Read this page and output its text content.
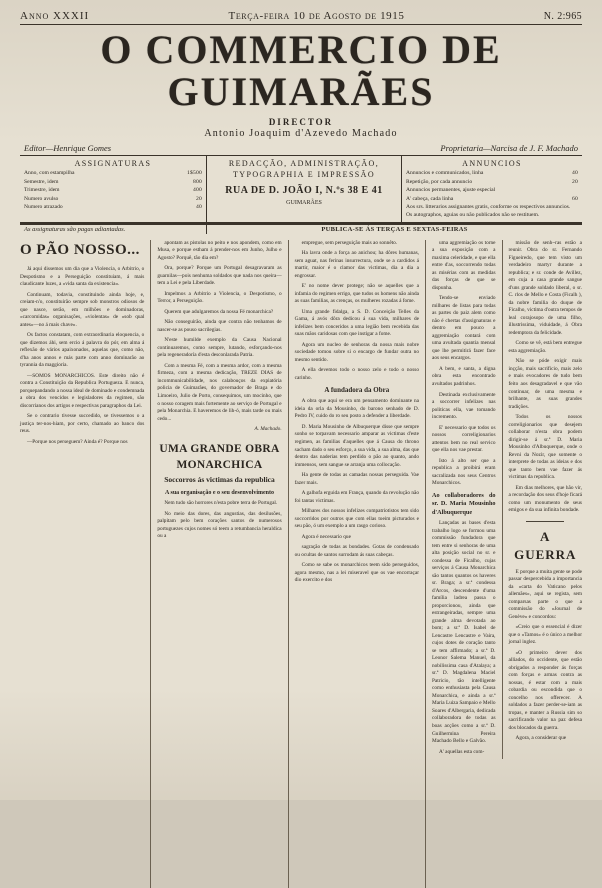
Anno XXXII	Terça-feira 10 de Agosto de 1915	N. 2:965
O COMMERCIO DE GUIMARÃES
DIRECTOR
Antonio Joaquim d'Azevedo Machado
Editor—Henrique Gomes	Proprietaria—Narcisa de J. F. Machado
ASSIGNATURAS
Anno, com estampilha	1$500
Semestre, idem	800
Trimestre, idem	400
Numero avulso	20
Numero atrazado	40
REDACÇÃO, ADMINISTRAÇÃO, TYPOGRAPHIA E IMPRESSÃO
RUA DE D. JOÃO I, N.ºs 38 E 41
GUIMARÃES
ANNUNCIOS
Annuncios e communicados, linha	40
Repetição, por cada annuncio	20
Annuncios permanentes, ajuste especial
A' cabeça, cada linha	60
Aos srs. litterarios assignantes gratis, conforme os respectivos annuncios.
Os autographos, aguias ou não publicados não se restituem.
As assignaturas são pagas adiantadas.	PUBLICA-SE ÁS TERÇAS E SEXTAS-FEIRAS
O PÃO NOSSO...

Já aqui dissemos um dia que a Violencia, o Arbitrio, o Despotismo e a Perseguição constituiam, á mais claudicante luzes, a «vida santa da existencia».

Continuam, todavia, constituindo ainda hoje, e, creiam-n'o, constituirão sempre sob monstros odiosos de que nasce, serão, em milhões e dominadoras, «carcomidas» organisações, «violentas» de «sob qual antes»—no á mais chave».

Os factos constatam, com extraordinaria eloquencia, o que dizemos áhi, sem ercio á palavra do pór, em alma á reflexão de vários apaixonados, aquelas que, como não, d'ha anos annos e más parte com anno dominarão ao tyrannia da maggioria.

—SOMOS MONARCHICOS. Este direito não é contra a Constituição da Republica Portugueza. E nunca, porquepandando a nossa ideal de dominado e condemnada a obra dos vencidos e legisladores da regimen, são discorrianos dos artigos e respectivas paragraphos da Lei.

Se o contrario tivesse succedido, se tivessemos o a justiça ter-nos-hiam, por certo, chamado ao banco dos reus.

—Porque nos perseguem? Ainda é? Porque nos

apontam as pistolas no peito e nos apondem, como em Musa, e porque estham á prender-nos em Junho, Julho e Agosto? Porquê, tão dia em?

Ora, porque? Porque um Portugal desagravaram as guarnilas—pois nenhuma soldados que nada nos queira—tem a Lei e pela Liberdade.

Impelmos a Arbitrio a Violencia, o Despotismo, o Terror, a Perseguição.

Querem que adulgaremos da nossa Fé monarchica?

Não conseguirão, ainda que contra não tenhamos de nascer-se as pouso sacrilegias.

N'este humilde exemplo da Causa Nacional continuaremos, como sempre, lutando, esforçando-nos pela regeneradoría d'esta desconlarada Patria.

Com a mesma Fé, com a mesma ardor, com a mesma firmeza, com a mesma dedicação, TREZE DIAS de incommunicabilidade, nos calabouços da expiatória policia de Guimarães, do governador de Braga e do Limoeiro, Julio de Porto, consequimos, um mocinho, que o nosso coragem mais fortemente ao serviço de Portugal e pela Monarchia. E haveremos de lih-ó, mais tarde ou mais cedo...

A. Machado.
UMA GRANDE OBRA MONARCHICA
Soccorros ás victimas da republica
A sua organisação e o seu desenvolvimento

Nem tudo são horrores n'esta pobre terra de Portugal.

No meio das dores, das angustias, das desilusões, palpitam pelo bem corações santos de numerosos portuguezes cujos nomes só teem a retumbancia heraldica ou a

empregue, sem perseguição mais ao sonnêto.

Ha lavra onde a força ao anichou; ha dôres humanas, sem aguat, nas ferinas insurrectura, onde se a cardidos á martir, maior é o clamor das victimas, dia a dia a engrossar.

E' no nome dever protege; não se aquelles que a infamia do regimen errigo, que tudos os homens não ainda as suas familias, as crenças, os mulheres rozadas á fome.

Uma grande fidalga, a S. D. Conceição Telles da Gama, á avós dôra dedicou á sua vida, milhares de infelizes bem conceridos a uma legião bem recebida das suas mãos caridosas com que instigar a fome.

Agora um nucleo de senhoras da nossa mais nobre sociedade tomou sobre si o encargo de fundar outra no mesmo sentido.

A ella devemos todo o nosso zelo e todo o nosso carinho.

A fundadora da Obra

A obra que aqui se era um pensamento dominante na ideia da orla da Mousinho, do barono senhado de D. Pedro IV, cuido do ro seu posto a defender a liberdade.

D. Maria Mousinho de Albuquerque disse que sempre sonho se torpavam necessario amparar as victimas d'este regimen, as familias d'aquelles que á Causa do throno sacham dado o seu esforço, a sua vida, a sua alma, das que dentro das naderias tem perdido o pão ao quanto, ando immensos, sem sangue se arranja uma collocação.

Ha gente de todas as camadas nossas perseguida. Vae fazer mais.

A galhofa erguida em França, quando da revolução não foi tantas victimas.

Milhares dos nossos infelizes compatriotistos tem sido soccorridos por outros que com ellas toeim picturados e seu pão, ó um exemplo a um rasgo corioso.

Agora é necessario que

sagração de todas as bondades. Gotas de condensado ou ocultas de santos surrodam ás suas cabeças.

Como se sabe os monarchicos teem sido perseguidos, agora mesmo, nas a lei miseravel que os vae encorraçar dio exercito e dos

uma aggremiação os torne a sua exposição com a maxima celeridade, e que ella entre d'as, soccorrendo todas as misérias com as medidas das forças de que se dispunha.

Tendo-se enviado milhares de listas para todas as partes do paiz alem como não é chertas d'assignaturas e dentro em pouco a aggremiação contará com uma avultada quantia mensal que lhe permitirá fazer face aos seus encargos.

A bem, e santa, a digna obra esta encontrado avultados padrinhos.

Destinada exclusivamente a soccorrer infelizes nas politicas ella, vae tomando incremento.

E' necessario que todos os nossos correligionarios attentos bem no real servico que ella nos vae prestar.

Isto á alto ser que a republica a proibirá eram sacralizada nos seus Centros Monarchicos.

Ao collaboradores do sr. D. Maria Mousinho d'Albuquerque

Lançadas as bases d'esta trabalho logo se formou uma commissão fundadora que tem entre si senhoras de uma alta posição social no sr. e condessa de Ficalho, cujas serviços á Causa Monarchica são tantos quantos os haveres sr. Braga; a sr.ª condessa d'Arcos, descendente d'uma família ladrea passa o proporcionou, ainda que estrangeiradas, sempre uma grande alma devotada ao bom; a sr.ª D. Isabel de Lencastre Lencastre e Vaira, cujos dotes de coração tanto se tem affirmado; a sr.ª D. Leonor Salema Manuel, da nobilissima casa d'Atalaya; a sr.ª D. Magdalena Maciel Patricio, tão intelligente como enthusiasta pela Causa Monarchica, e ainda a sr.ª Maria Luiza Sampaio e Mello Soares d'Albergaria, dedicada collaboradora de todas as boas acções como a sr.ª D. Guilhermina Pereira Machado Bello e Galvão.

A' aquellas esta com-

missão de senh~ras estão a reunir. Obra do sr. Fernando Figueiredo, que tem visto um verdadeiro martyr durante a republica; e sr. conde de Avillez, em cuja a casa grande sangue d'uns grande soldado liberal, o sr. C. rlos de Mello e Costa (Ficalh ), da nobre familia do duque de Ficalho, victima d'outra tempos de leal corajosopo de uma filho, illustrissima, viduidade, á Obra redemptora da felicidade.

Como se vê, está bem entregue esta aggremiação.

Não se póde exigir mais inçção, mais sacrificio, mais zelo e mais evocadores de tudo bem feito aos desagradavel e que vão continuar, de uma mesma e brilhante, as suas grandes tradições.

Todos os nossos correligionarios que desejem collaborar n'esta obra podem dirigir-se á sr.ª D. Maria Mousinho d'Albuquerque, onde o Revni da Nozir, que somente o interprete de todas as ideias e dos que tanto bem vae fazer ás victimas da republica.

Em dias melhores, que hão vir, a recordação dos seus d'hoje ficará como um monumento de seus emigos e da sua infinita bondade.

A GUERRA

E porque a muita gente se pode passar despercebida a importancia da «carta do Vaticano pelos allemães», aqui se regista, sem comparsas parte o que a commissão do «Journal de Genève» e concordou:

«Creio que o essencial é dizer que o «Tamos» é o único a melhor jornal inglez.

«O primeiro dever dos alliados, do occidente, que estão obrigados a responder ás forças com forças e armas contra as nossas, é estar com a mais cobardia ou escondida que o concelho nos offerecer. A soldados a fazer perder-se-iam as tropas, e manter a Russia sim so sacrificando valor na paz defesa dos blocados da guerra.

Agora, a considerar que
